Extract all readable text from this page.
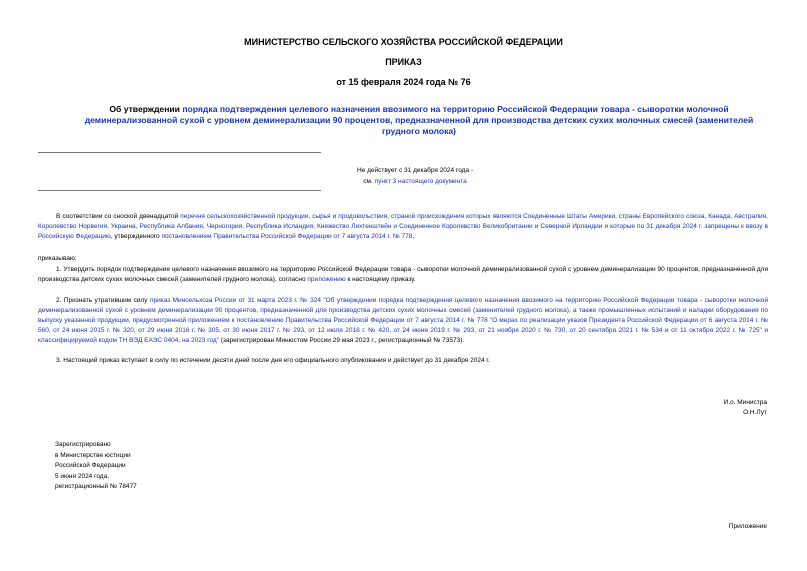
МИНИСТЕРСТВО СЕЛЬСКОГО ХОЗЯЙСТВА РОССИЙСКОЙ ФЕДЕРАЦИИ
ПРИКАЗ
от 15 февраля 2024 года № 76
Об утверждении порядка подтверждения целевого назначения ввозимого на территорию Российской Федерации товара - сыворотки молочной деминерализованной сухой с уровнем деминерализации 90 процентов, предназначенной для производства детских сухих молочных смесей (заменителей грудного молока)
Не действует с 31 декабря 2024 года -
см. пункт 3 настоящего документа
В соответствии со сноской двенадцатой перечня сельскохозяйственной продукции, сырья и продовольствия, страной происхождения которых являются Соединенные Штаты Америки, страны Европейского союза, Канада, Австралия, Королевство Норвегия, Украина, Республика Албания, Черногория, Республика Исландия, Княжество Лихтенштейн и Соединенное Королевство Великобритании и Северной Ирландии и которые по 31 декабря 2024 г. запрещены к ввозу в Российскую Федерацию, утвержденного постановлением Правительства Российской Федерации от 7 августа 2014 г. № 778,
приказываю:
1. Утвердить порядок подтверждения целевого назначения ввозимого на территорию Российской Федерации товара - сыворотки молочной деминерализованной сухой с уровнем деминерализации 90 процентов, предназначенной для производства детских сухих молочных смесей (заменителей грудного молока), согласно приложению к настоящему приказу.
2. Признать утратившим силу приказ Минсельхоза России от 31 марта 2023 г. № 324 "Об утверждении порядка подтверждения целевого назначения ввозимого на территорию Российской Федерации товара - сыворотки молочной деминерализованной сухой с уровнем деминерализации 90 процентов, предназначенной для производства детских сухих молочных смесей (заменителей грудного молока), а также промышленных испытаний и наладки оборудования по выпуску указанной продукции, предусмотренной приложением к постановлению Правительства Российской Федерации от 7 августа 2014 г. № 778 "О мерах по реализации указов Президента Российской Федерации от 6 августа 2014 г. № 560, от 24 июня 2015 г. № 320, от 29 июня 2016 г. № 305, от 30 июня 2017 г. № 293, от 12 июля 2018 г. № 420, от 24 июня 2019 г. № 293, от 21 ноября 2020 г. № 730, от 20 сентября 2021 г. № 534 и от 11 октября 2022 г. № 725" и классифицируемой кодом ТН ВЭД ЕАЭС 0404, на 2023 год" (зарегистрирован Минюстом России 29 мая 2023 г., регистрационный № 73573).
3. Настоящий приказ вступает в силу по истечении десяти дней после дня его официального опубликования и действует до 31 декабря 2024 г.
И.о. Министра
О.Н.Лут
Зарегистрировано
в Министерстве юстиции
Российской Федерации
5 июня 2024 года,
регистрационный № 78477
Приложение
